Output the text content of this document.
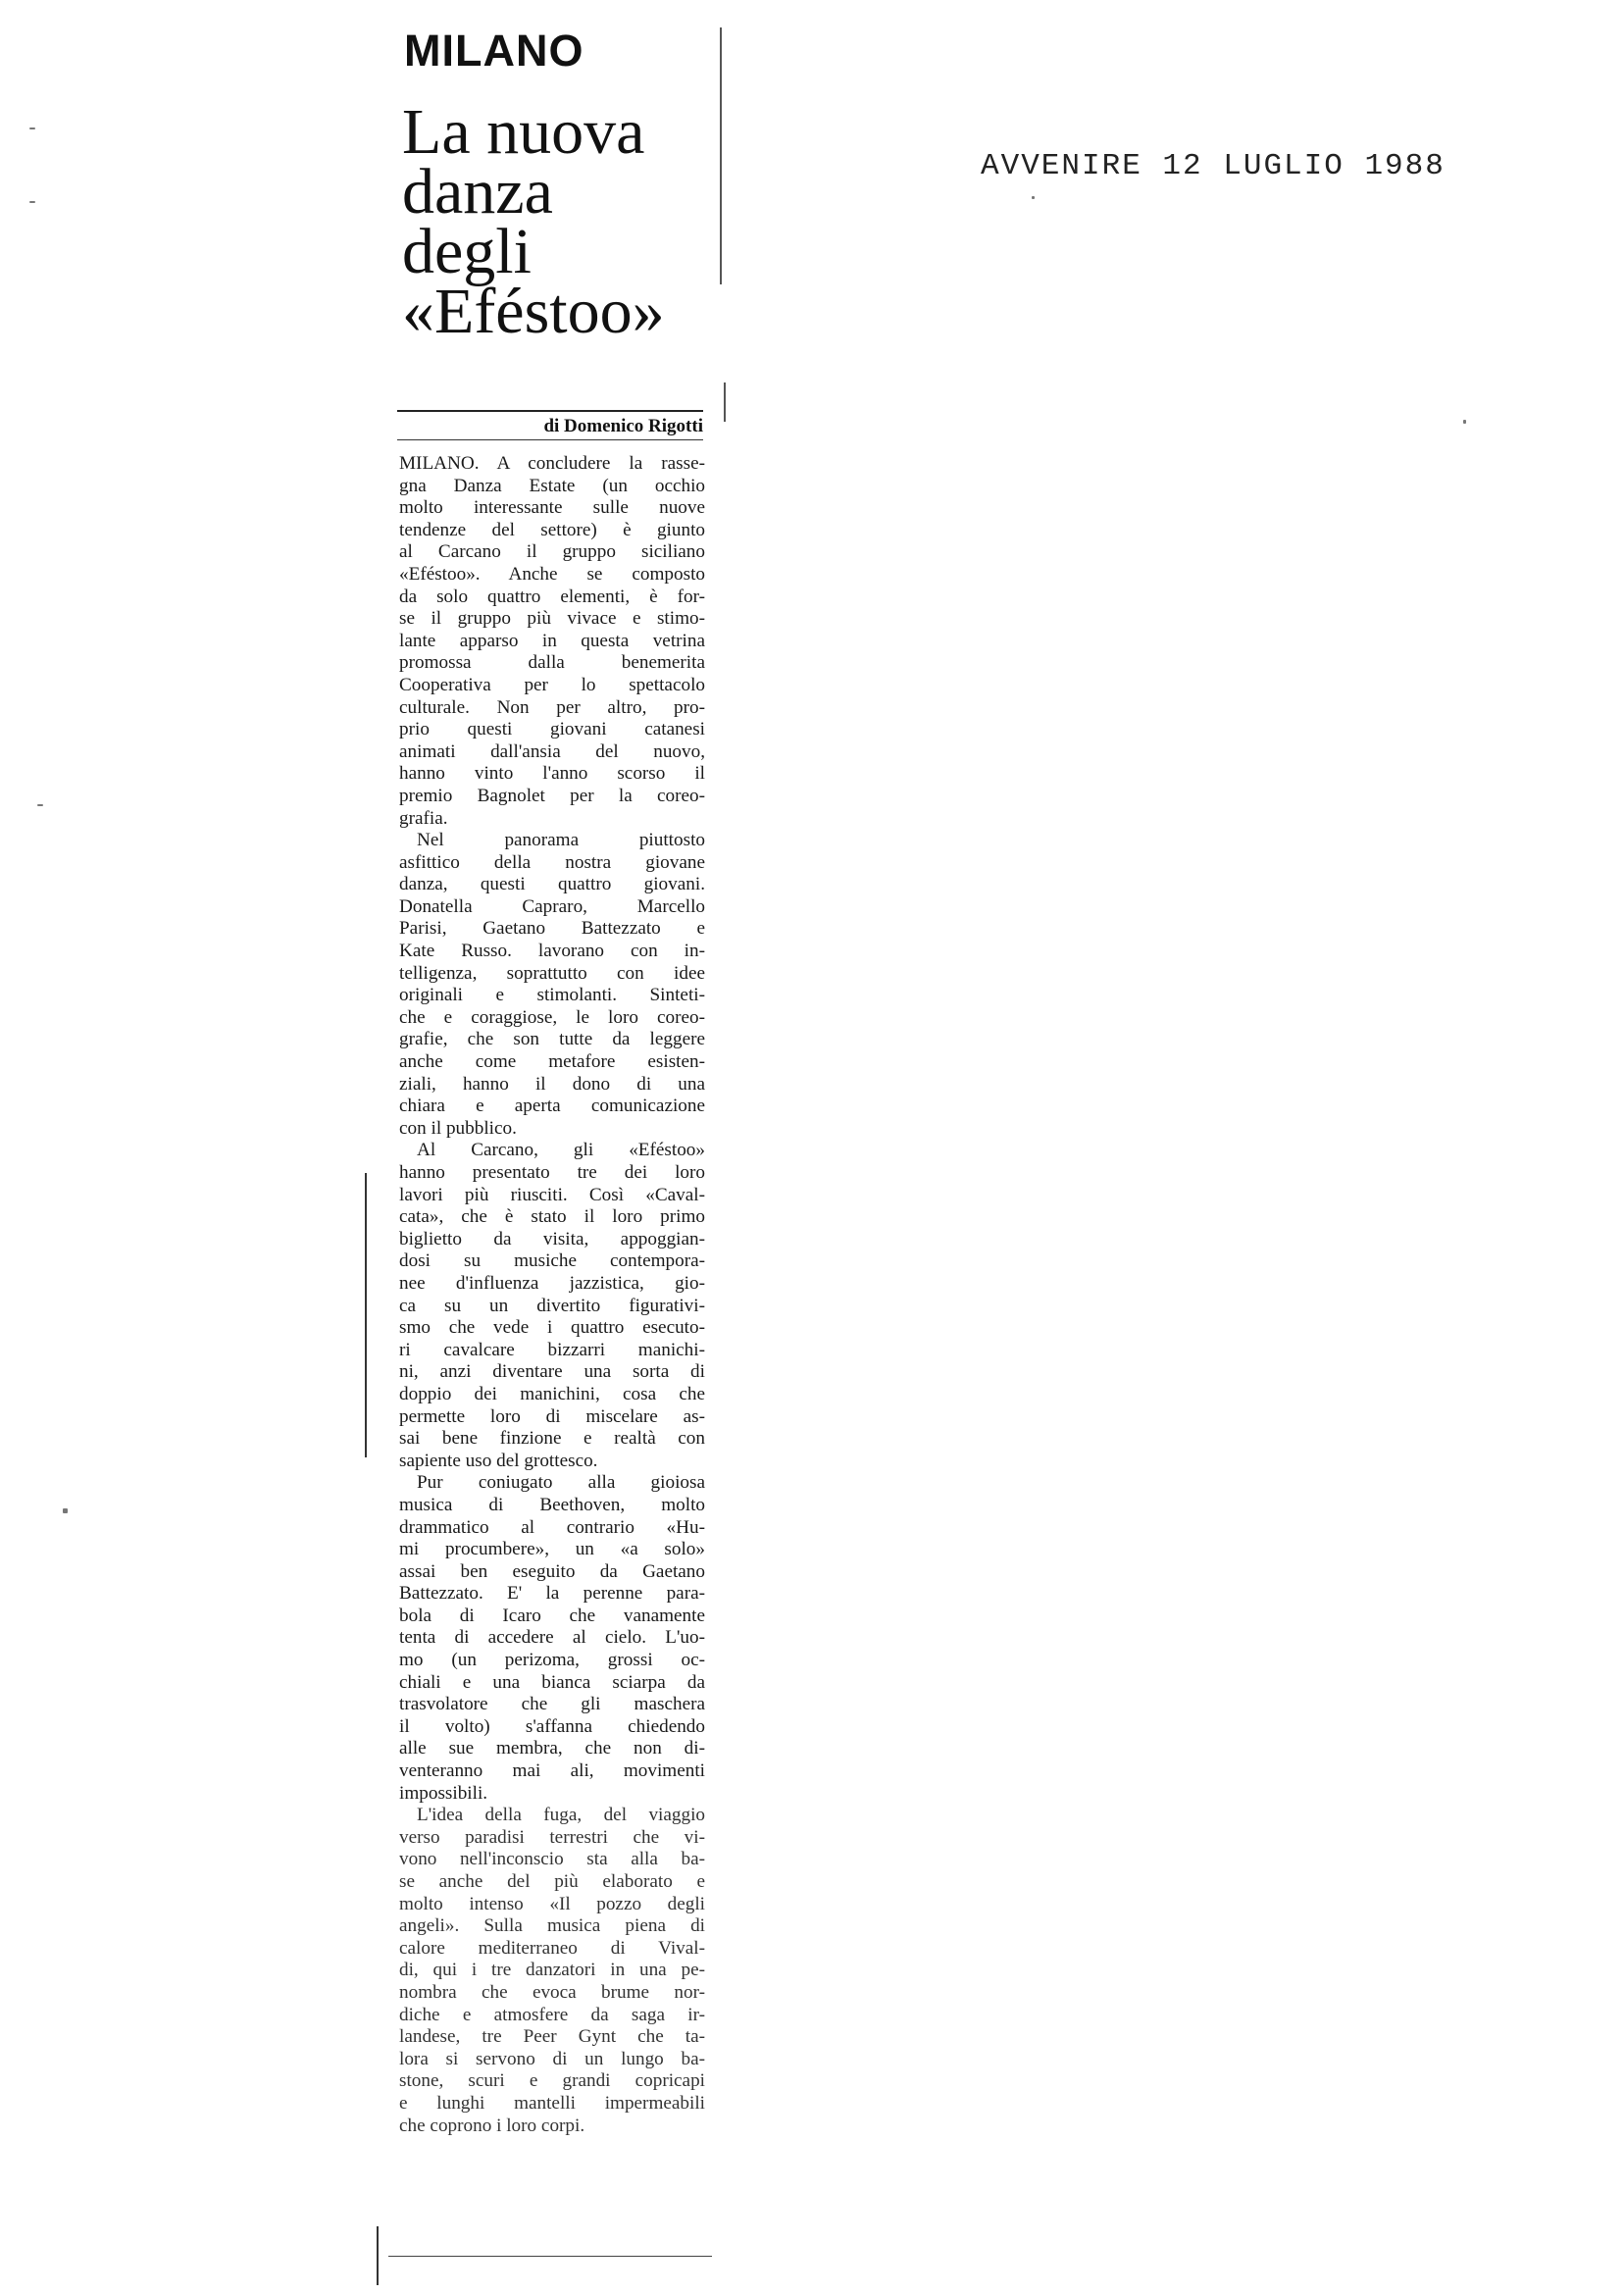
AVVENIRE 12 LUGLIO 1988
MILANO
La nuova
danza
degli
«Eféstoo»
di Domenico Rigotti
MILANO. A concludere la rasse-
gna Danza Estate (un occhio
molto interessante sulle nuove
tendenze del settore) è giunto
al Carcano il gruppo siciliano
«Eféstoo». Anche se composto
da solo quattro elementi, è for-
se il gruppo più vivace e stimo-
lante apparso in questa vetrina
promossa dalla benemerita
Cooperativa per lo spettacolo
culturale. Non per altro, pro-
prio questi giovani catanesi
animati dall'ansia del nuovo,
hanno vinto l'anno scorso il
premio Bagnolet per la coreo-
grafia.
Nel panorama piuttosto
asfittico della nostra giovane
danza, questi quattro giovani.
Donatella Capraro, Marcello
Parisi, Gaetano Battezzato e
Kate Russo. lavorano con in-
telligenza, soprattutto con idee
originali e stimolanti. Sinteti-
che e coraggiose, le loro coreo-
grafie, che son tutte da leggere
anche come metafore esisten-
ziali, hanno il dono di una
chiara e aperta comunicazione
con il pubblico.
Al Carcano, gli «Eféstoo»
hanno presentato tre dei loro
lavori più riusciti. Così «Caval-
cata», che è stato il loro primo
biglietto da visita, appoggian-
dosi su musiche contempora-
nee d'influenza jazzistica, gio-
ca su un divertito figurativi-
smo che vede i quattro esecuto-
ri cavalcare bizzarri manichi-
ni, anzi diventare una sorta di
doppio dei manichini, cosa che
permette loro di miscelare as-
sai bene finzione e realtà con
sapiente uso del grottesco.
Pur coniugato alla gioiosa
musica di Beethoven, molto
drammatico al contrario «Hu-
mi procumbere», un «a solo»
assai ben eseguito da Gaetano
Battezzato. E' la perenne para-
bola di Icaro che vanamente
tenta di accedere al cielo. L'uo-
mo (un perizoma, grossi oc-
chiali e una bianca sciarpa da
trasvolatore che gli maschera
il volto) s'affanna chiedendo
alle sue membra, che non di-
venteranno mai ali, movimenti
impossibili.
L'idea della fuga, del viaggio
verso paradisi terrestri che vi-
vono nell'inconscio sta alla ba-
se anche del più elaborato e
molto intenso «Il pozzo degli
angeli». Sulla musica piena di
calore mediterraneo di Vival-
di, qui i tre danzatori in una pe-
nombra che evoca brume nor-
diche e atmosfere da saga ir-
landese, tre Peer Gynt che ta-
lora si servono di un lungo ba-
stone, scuri e grandi copricapi
e lunghi mantelli impermeabili
che coprono i loro corpi.
